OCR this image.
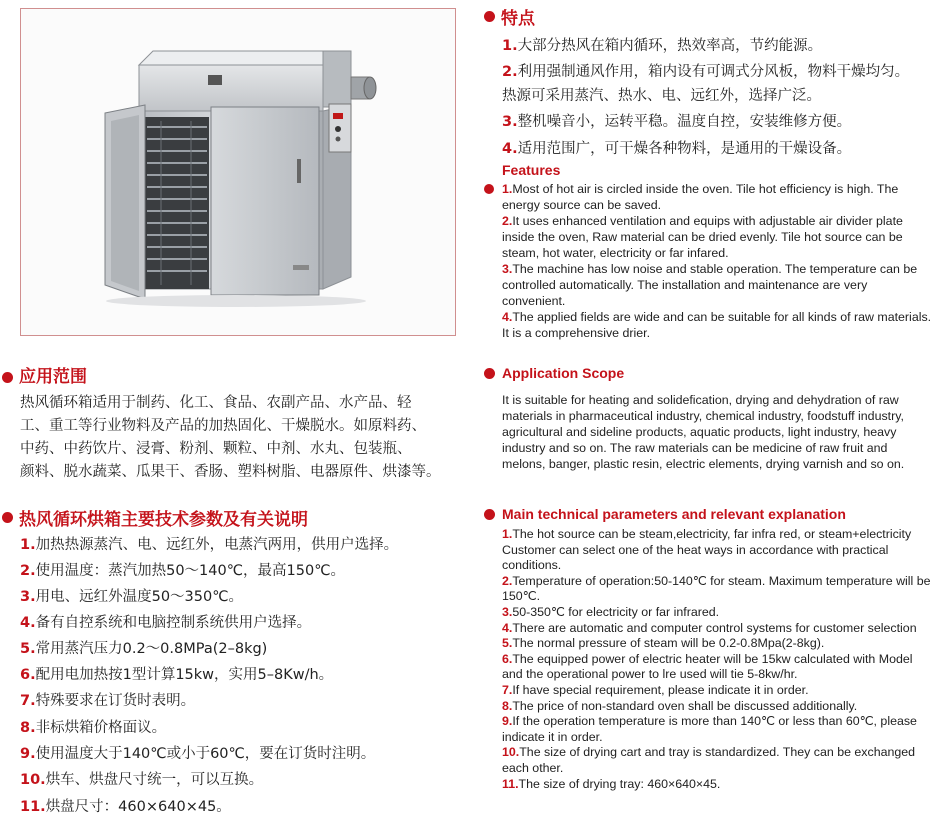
特点
1.大部分热风在箱内循环，热效率高，节约能源。
2.利用强制通风作用，箱内设有可调式分风板，物料干燥均匀。
热源可采用蒸汽、热水、电、远红外，选择广泛。
3.整机噪音小，运转平稳。温度自控，安装维修方便。
4.适用范围广，可干燥各种物料，是通用的干燥设备。
Features

1.Most of hot air is circled inside the oven. Tile hot efficiency is high. The energy source can be saved.

2.It uses enhanced ventilation and equips with adjustable air divider plate inside the oven, Raw material can be dried evenly. Tile hot source can be steam, hot water, electricity or far infared.

3.The machine has low noise and stable operation. The temperature can be controlled automatically. The installation and maintenance are very convenient.

4.The applied fields are wide and can be suitable for all kinds of raw materials. It is a comprehensive drier.

应用范围
热风循环箱适用于制药、化工、食品、农副产品、水产品、轻
工、重工等行业物料及产品的加热固化、干燥脱水。如原料药、
中药、中药饮片、浸膏、粉剂、颗粒、中剂、水丸、包装瓶、
颜料、脱水蔬菜、瓜果干、香肠、塑料树脂、电器原件、烘漆等。
Application Scope

It is suitable for heating and solidefication, drying and dehydration of raw materials in pharmaceutical industry, chemical industry, foodstuff industry, agricultural and sideline products, aquatic products, light industry, heavy industry and so on. The raw materials can be medicine of raw fruit and melons, banger, plastic resin, electric elements, drying varnish and so on.

热风循环烘箱主要技术参数及有关说明
1.加热热源蒸汽、电、远红外，电蒸汽两用，供用户选择。
2.使用温度：蒸汽加热50～140℃，最高150℃。
3.用电、远红外温度50～350℃。
4.备有自控系统和电脑控制系统供用户选择。
5.常用蒸汽压力0.2～0.8MPa(2–8kg)
6.配用电加热按1型计算15kw，实用5–8Kw/h。
7.特殊要求在订货时表明。
8.非标烘箱价格面议。
9.使用温度大于140℃或小于60℃，要在订货时注明。
10.烘车、烘盘尺寸统一，可以互换。
11.烘盘尺寸：460×640×45。
Main technical parameters and relevant explanation

1.The hot source can be steam,electricity, far infra red, or steam+electricity Customer can select one of the heat ways in accordance with practical conditions.

2.Temperature of operation:50-140℃ for steam. Maximum temperature will be 150℃.

3.50-350℃ for electricity or far infrared.

4.There are automatic and computer control systems for customer selection

5.The normal pressure of steam will be 0.2-0.8Mpa(2-8kg).

6.The equipped power of electric heater will be 15kw calculated with Model and the operational power to lre used will tie 5-8kw/hr.

7.If have special requirement, please indicate it in order.

8.The price of non-standard oven shall be discussed additionally.

9.If the operation temperature is more than 140℃ or less than 60℃, please indicate it in order.

10.The size of drying cart and tray is standardized. They can be exchanged each other.

11.The size of drying tray: 460×640×45.
